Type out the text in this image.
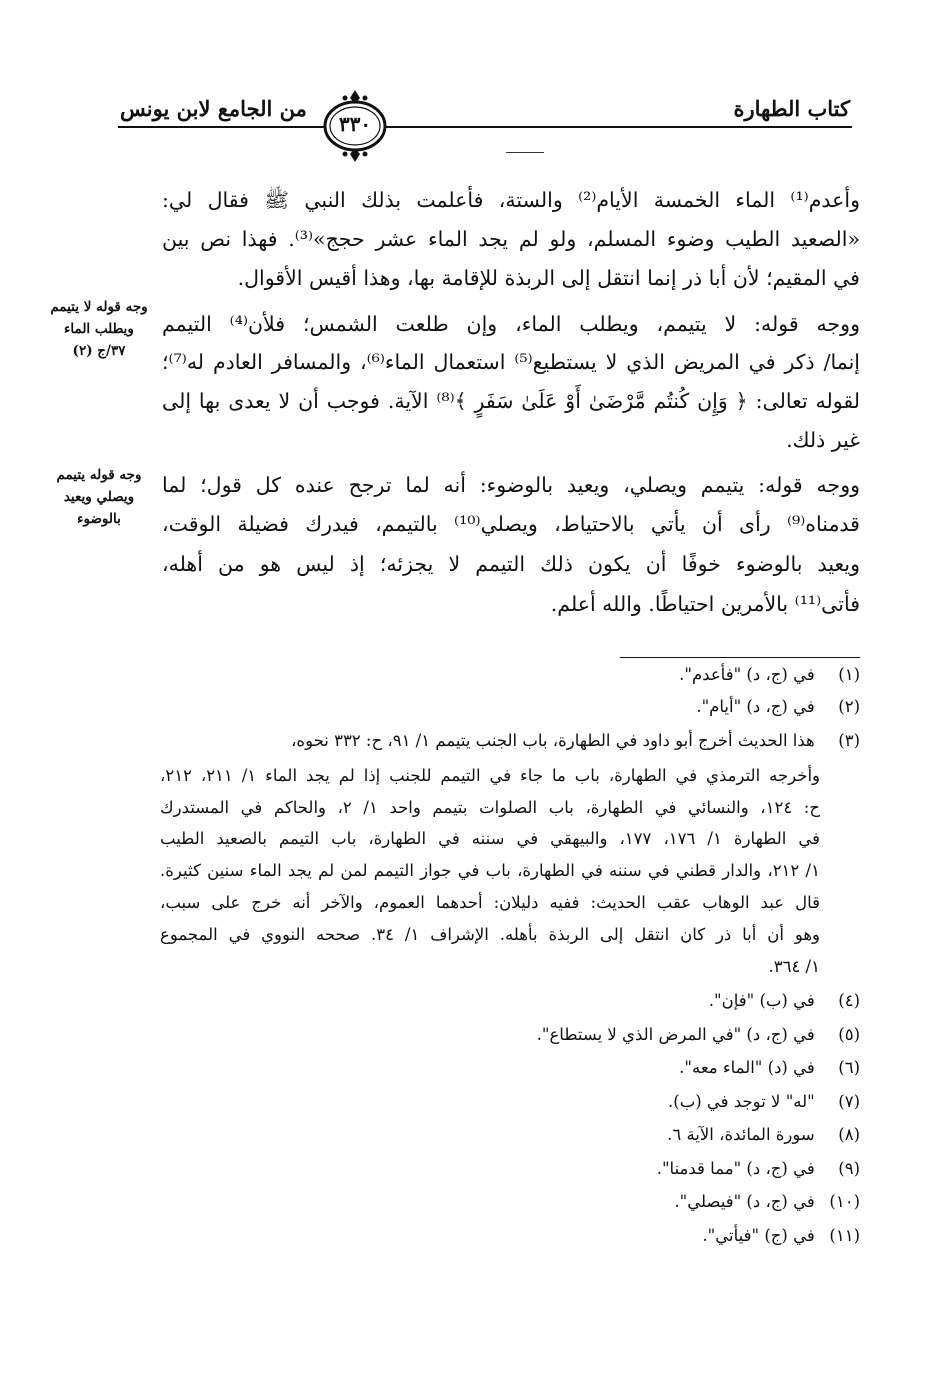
كتاب الطهارة
من الجامع لابن يونس
٣٣٠
وأعدم⁽¹⁾ الماء الخمسة الأيام⁽²⁾ والستة، فأعلمت بذلك النبي ﷺ فقال لي:
«الصعيد الطيب وضوء المسلم، ولو لم يجد الماء عشر حجج»⁽³⁾. فهذا نص بين
في المقيم؛ لأن أبا ذر إنما انتقل إلى الربذة للإقامة بها، وهذا أقيس الأقوال.
ووجه قوله: لا يتيمم، ويطلب الماء، وإن طلعت الشمس؛ فلأن⁽⁴⁾ التيمم
إنما/ ذكر في المريض الذي لا يستطيع⁽⁵⁾ استعمال الماء⁽⁶⁾، والمسافر العادم له⁽⁷⁾؛
لقوله تعالى: ﴿ وَإِن كُنتُم مَّرْضَىٰ أَوْ عَلَىٰ سَفَرٍ ﴾⁽⁸⁾ الآية. فوجب أن لا يعدى بها إلى
غير ذلك.
ووجه قوله: يتيمم ويصلي، ويعيد بالوضوء: أنه لما ترجح عنده كل قول؛ لما
قدمناه⁽⁹⁾ رأى أن يأتي بالاحتياط، ويصلي⁽¹⁰⁾ بالتيمم، فيدرك فضيلة الوقت،
ويعيد بالوضوء خوفًا أن يكون ذلك التيمم لا يجزئه؛ إذ ليس هو من أهله،
فأتى⁽¹¹⁾ بالأمرين احتياطًا. والله أعلم.
وجه قوله لا يتيمم ويطلب الماء
٣٧/ج (٢)
وجه قوله يتيمم ويصلي ويعيد بالوضوء
(١) في (ج، د) "فأعدم".
(٢) في (ج، د) "أيام".
(٣) هذا الحديث أخرج أبو داود في الطهارة، باب الجنب يتيمم ١/ ٩١، ح: ٣٣٢ نحوه،
وأخرجه الترمذي في الطهارة، باب ما جاء في التيمم للجنب إذا لم يجد الماء ١/ ٢١١، ٢١٢،
ح: ١٢٤، والنسائي في الطهارة، باب الصلوات بتيمم واحد ١/ ٢، والحاكم في المستدرك
في الطهارة ١/ ١٧٦، ١٧٧، والبيهقي في سننه في الطهارة، باب التيمم بالصعيد الطيب
١/ ٢١٢، والدار قطني في سننه في الطهارة، باب في جواز التيمم لمن لم يجد الماء سنين كثيرة.
قال عبد الوهاب عقب الحديث: ففيه دليلان: أحدهما العموم، والآخر أنه خرج على سبب،
وهو أن أبا ذر كان انتقل إلى الربذة بأهله. الإشراف ١/ ٣٤. صححه النووي في المجموع
١/ ٣٦٤.
(٤) في (ب) "فإن".
(٥) في (ج، د) "في المرض الذي لا يستطاع".
(٦) في (د) "الماء معه".
(٧) "له" لا توجد في (ب).
(٨) سورة المائدة، الآية ٦.
(٩) في (ج، د) "مما قدمنا".
(١٠) في (ج، د) "فيصلي".
(١١) في (ج) "فيأتي".
